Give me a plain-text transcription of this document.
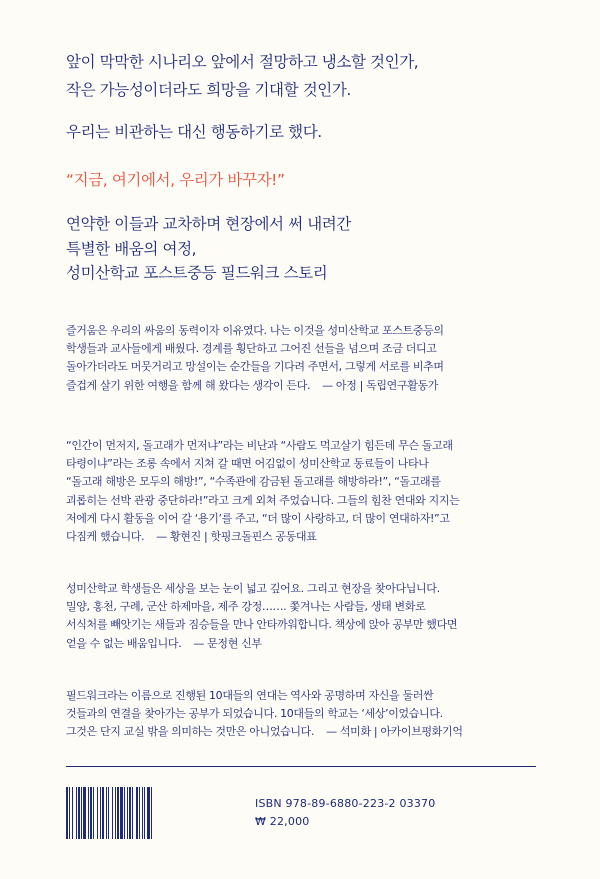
앞이 막막한 시나리오 앞에서 절망하고 냉소할 것인가,
작은 가능성이더라도 희망을 기대할 것인가.

우리는 비관하는 대신 행동하기로 했다.

“지금, 여기에서, 우리가 바꾸자!”

연약한 이들과 교차하며 현장에서 써 내려간
특별한 배움의 여정,
성미산학교 포스트중등 필드워크 스토리

즐거움은 우리의 싸움의 동력이자 이유였다. 나는 이것을 성미산학교 포스트중등의
학생들과 교사들에게 배웠다. 경계를 횡단하고 그어진 선들을 넘으며 조금 더디고
돌아가더라도 머뭇거리고 망설이는 순간들을 기다려 주면서, 그렇게 서로를 비추며
즐겁게 살기 위한 여행을 함께 해 왔다는 생각이 든다. — 아정 | 독립연구활동가
“인간이 먼저지, 돌고래가 먼저냐”라는 비난과 “사람도 먹고살기 힘든데 무슨 돌고래
타령이냐”라는 조롱 속에서 지쳐 갈 때면 어김없이 성미산학교 동료들이 나타나
“돌고래 해방은 모두의 해방!”, “수족관에 감금된 돌고래를 해방하라!”, “돌고래를
괴롭히는 선박 관광 중단하라!”라고 크게 외쳐 주었습니다. 그들의 힘찬 연대와 지지는
저에게 다시 활동을 이어 갈 ‘용기’를 주고, “더 많이 사랑하고, 더 많이 연대하자!”고
다짐케 했습니다. — 황현진 | 핫핑크돌핀스 공동대표
성미산학교 학생들은 세상을 보는 눈이 넓고 깊어요. 그리고 현장을 찾아다닙니다.
밀양, 홍천, 구례, 군산 하제마을, 제주 강정……. 쫓겨나는 사람들, 생태 변화로
서식처를 빼앗기는 새들과 짐승들을 만나 안타까워합니다. 책상에 앉아 공부만 했다면
얻을 수 없는 배움입니다. — 문정현 신부
필드워크라는 이름으로 진행된 10대들의 연대는 역사와 공명하며 자신을 둘러싼
것들과의 연결을 찾아가는 공부가 되었습니다. 10대들의 학교는 ‘세상’이었습니다.
그것은 단지 교실 밖을 의미하는 것만은 아니었습니다. — 석미화 | 아카이브평화기억
ISBN 978-89-6880-223-2 03370
₩ 22,000
